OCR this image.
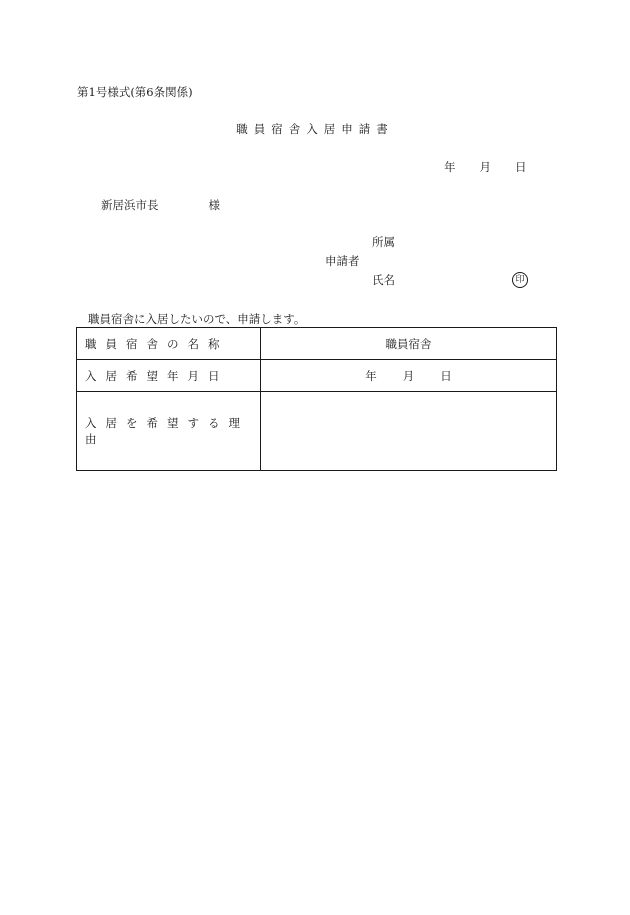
第1号様式(第6条関係)
職員宿舎入居申請書
年 月 日
新居浜市長	様
所属
申請者
氏名	印
職員宿舎に入居したいので、申請します。
職員宿舎の名称	職員宿舎
入居希望年月日	年 月 日
入居を希望する理由	
